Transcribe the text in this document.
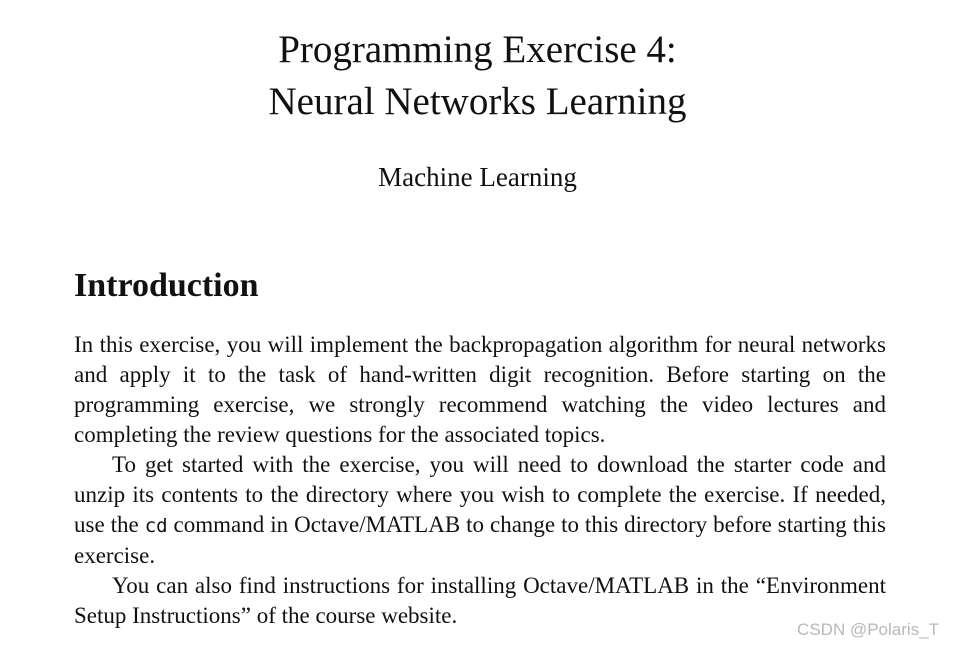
Programming Exercise 4:
Neural Networks Learning
Machine Learning
Introduction

In this exercise, you will implement the backpropagation algorithm for neural networks and apply it to the task of hand-written digit recognition. Before starting on the programming exercise, we strongly recommend watching the video lectures and completing the review questions for the associated topics.

To get started with the exercise, you will need to download the starter code and unzip its contents to the directory where you wish to complete the exercise. If needed, use the cd command in Octave/MATLAB to change to this directory before starting this exercise.

You can also find instructions for installing Octave/MATLAB in the “Environment Setup Instructions” of the course website.

CSDN @Polaris_T
